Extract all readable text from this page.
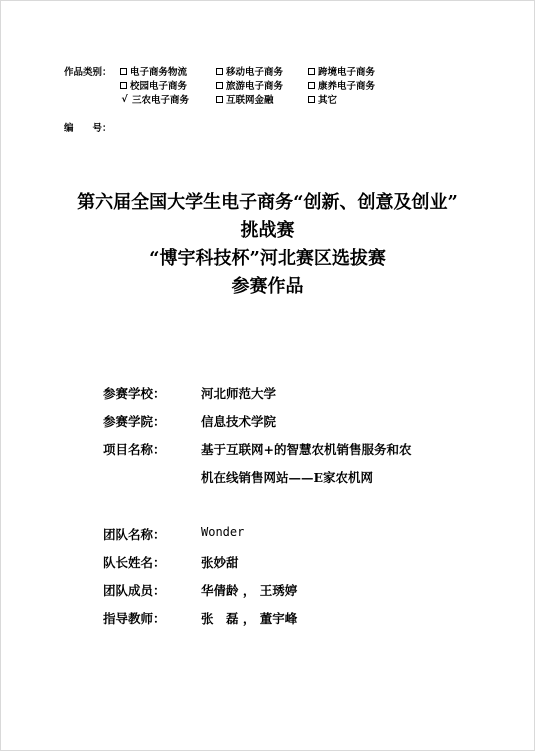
作品类别： 电子商务物流	移动电子商务	跨境电子商务
校园电子商务	旅游电子商务	康养电子商务
√ 三农电子商务	互联网金融	其它
编　　号：
第六届全国大学生电子商务“创新、创意及创业”
挑战赛
“博宇科技杯”河北赛区选拔赛
参赛作品
参赛学校：	河北师范大学
参赛学院：	信息技术学院
项目名称：	基于互联网+的智慧农机销售服务和农
机在线销售网站——E家农机网
团队名称：	Wonder
队长姓名：	张妙甜
团队成员：	华倩龄 ， 王琇婷
指导教师：	张　磊 ， 董宇峰
